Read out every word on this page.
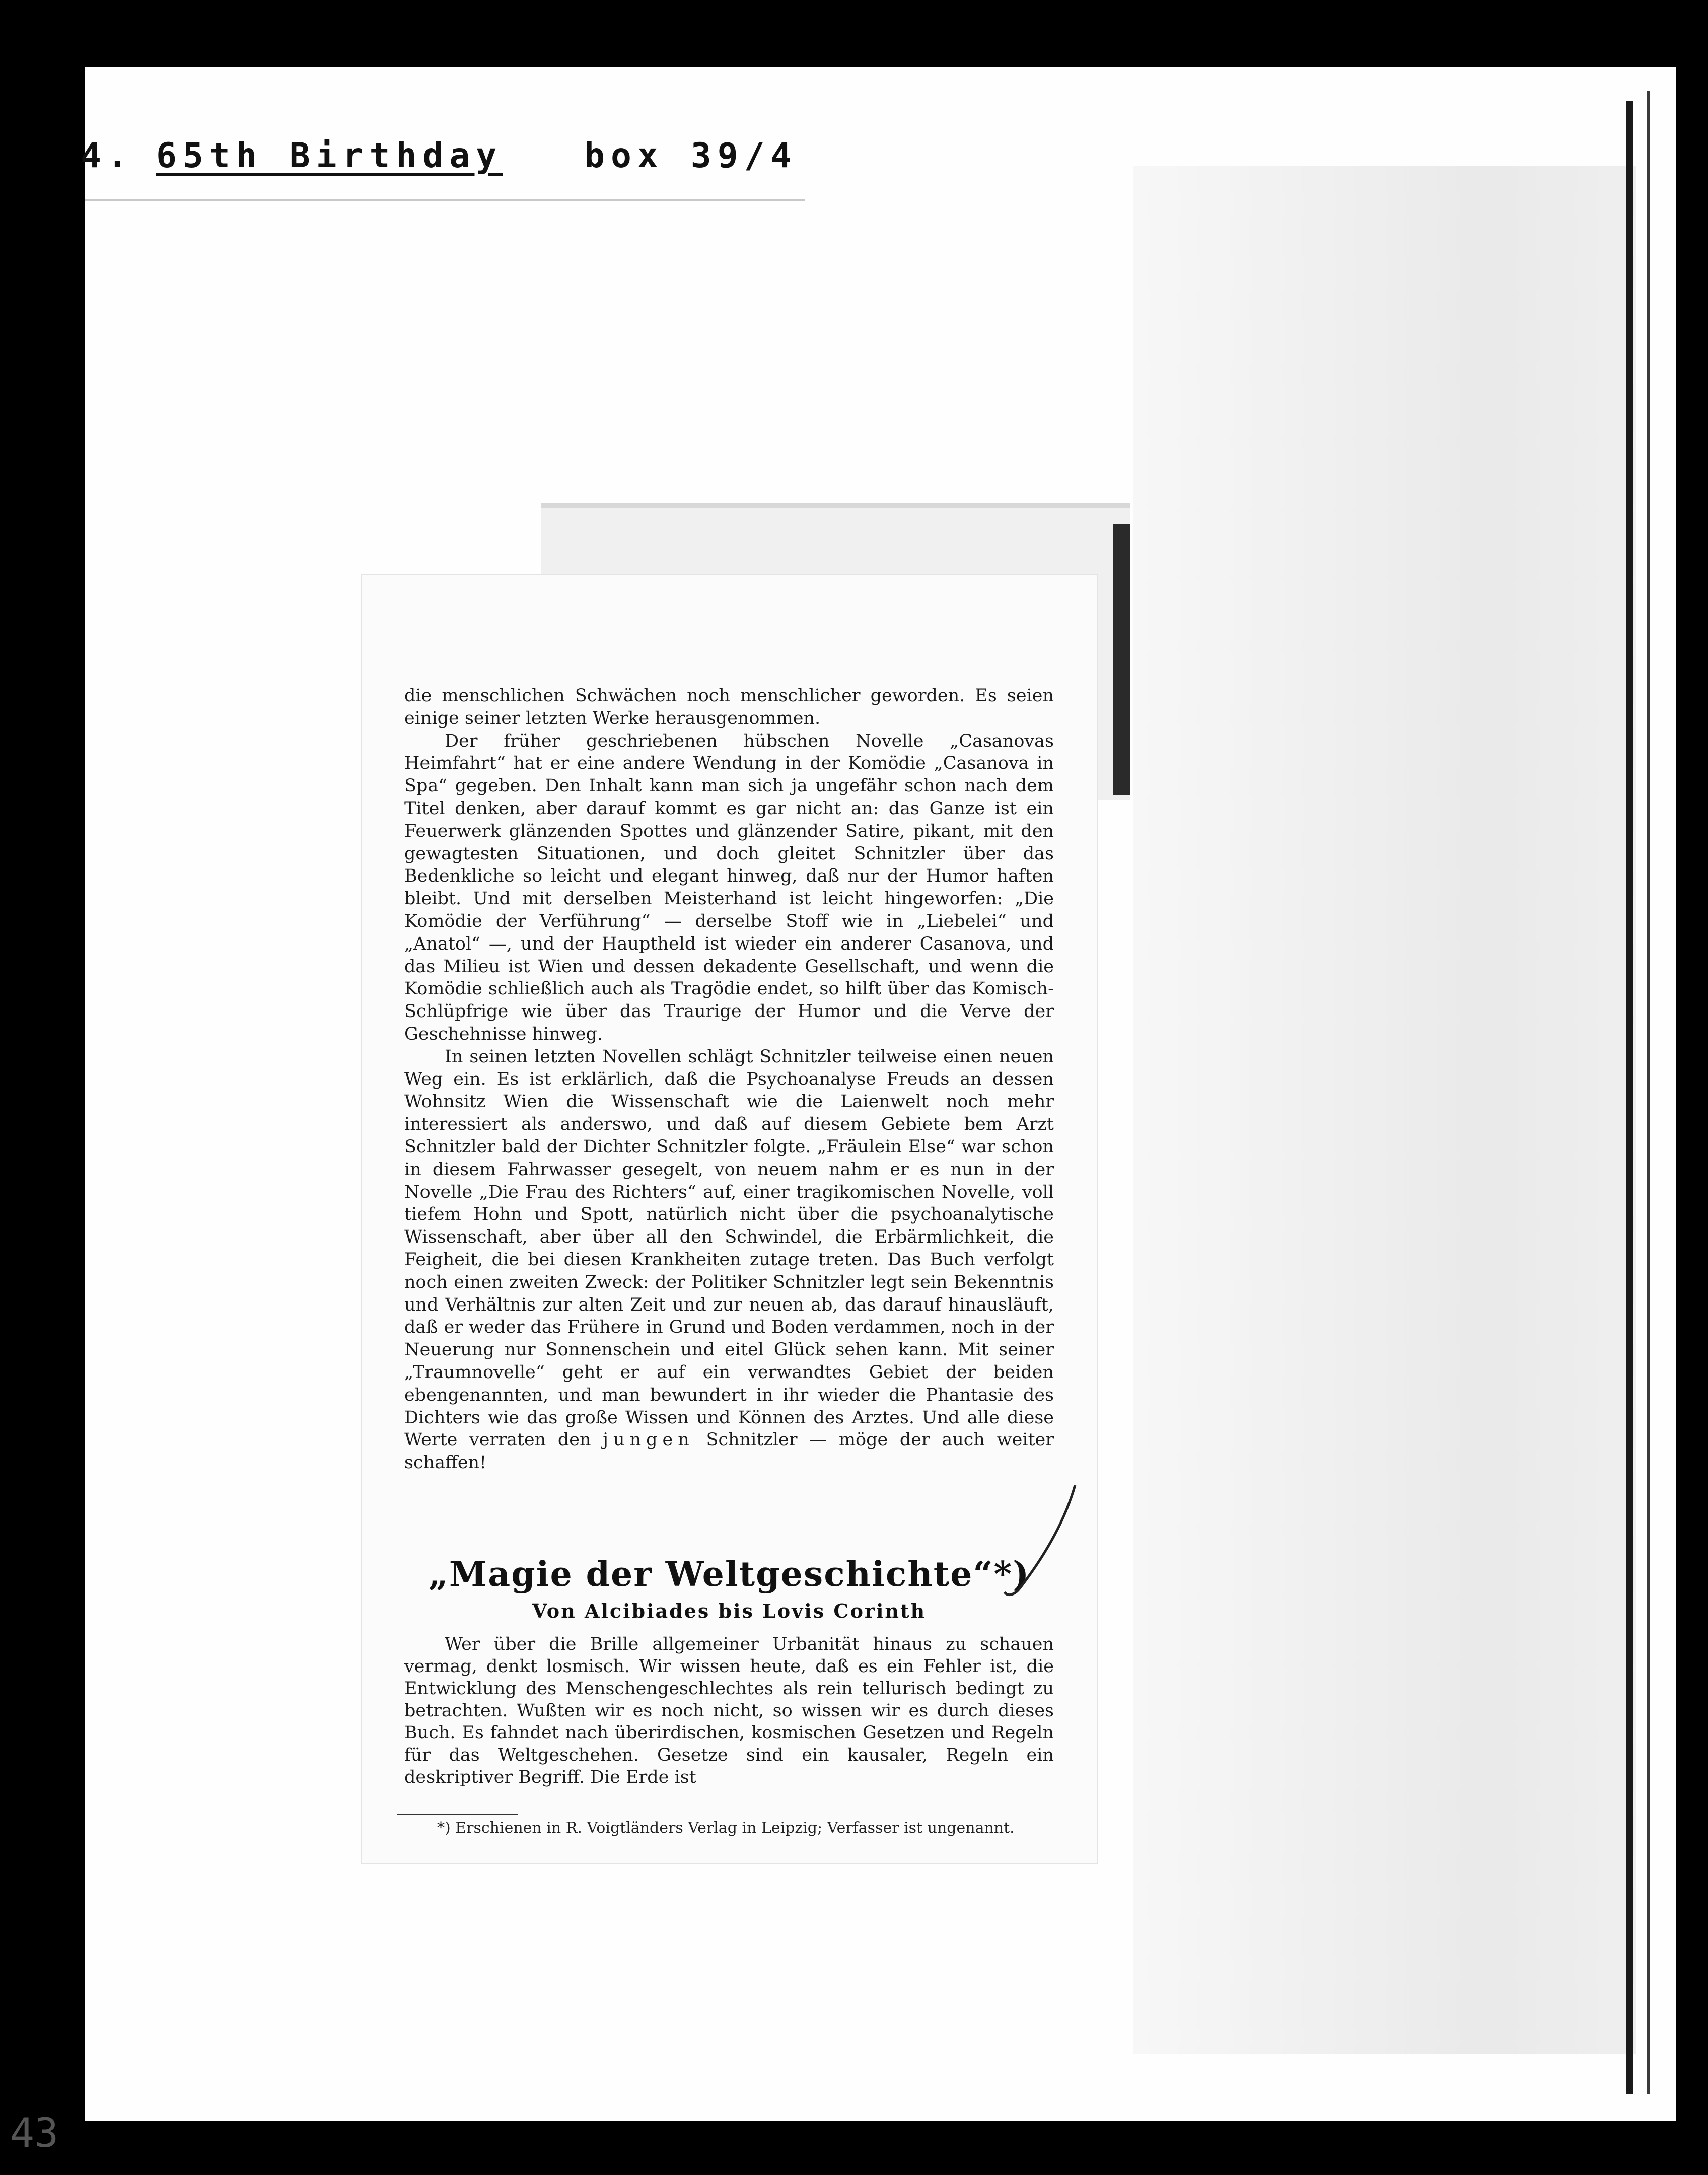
43
4. 65th Birthday box 39/4

die menschlichen Schwächen noch menschlicher geworden. Es seien einige seiner letzten Werke herausgenommen.

Der früher geschriebenen hübschen Novelle „Casanovas Heimfahrt“ hat er eine andere Wendung in der Komödie „Casanova in Spa“ gegeben. Den Inhalt kann man sich ja ungefähr schon nach dem Titel denken, aber darauf kommt es gar nicht an: das Ganze ist ein Feuerwerk glänzenden Spottes und glänzender Satire, pikant, mit den gewagtesten Situationen, und doch gleitet Schnitzler über das Bedenkliche so leicht und elegant hinweg, daß nur der Humor haften bleibt. Und mit derselben Meisterhand ist leicht hingeworfen: „Die Komödie der Verführung“ — derselbe Stoff wie in „Liebelei“ und „Anatol“ —, und der Hauptheld ist wieder ein anderer Casanova, und das Milieu ist Wien und dessen dekadente Gesellschaft, und wenn die Komödie schließlich auch als Tragödie endet, so hilft über das Komisch-Schlüpfrige wie über das Traurige der Humor und die Verve der Geschehnisse hinweg.

In seinen letzten Novellen schlägt Schnitzler teilweise einen neuen Weg ein. Es ist erklärlich, daß die Psychoanalyse Freuds an dessen Wohnsitz Wien die Wissenschaft wie die Laienwelt noch mehr interessiert als anderswo, und daß auf diesem Gebiete bem Arzt Schnitzler bald der Dichter Schnitzler folgte. „Fräulein Else“ war schon in diesem Fahrwasser gesegelt, von neuem nahm er es nun in der Novelle „Die Frau des Richters“ auf, einer tragikomischen Novelle, voll tiefem Hohn und Spott, natürlich nicht über die psychoanalytische Wissenschaft, aber über all den Schwindel, die Erbärmlichkeit, die Feigheit, die bei diesen Krankheiten zutage treten. Das Buch verfolgt noch einen zweiten Zweck: der Politiker Schnitzler legt sein Bekenntnis und Verhältnis zur alten Zeit und zur neuen ab, das darauf hinausläuft, daß er weder das Frühere in Grund und Boden verdammen, noch in der Neuerung nur Sonnenschein und eitel Glück sehen kann. Mit seiner „Traumnovelle“ geht er auf ein verwandtes Gebiet der beiden ebengenannten, und man bewundert in ihr wieder die Phantasie des Dichters wie das große Wissen und Können des Arztes. Und alle diese Werte verraten den jungen Schnitzler — möge der auch weiter schaffen!

„Magie der Weltgeschichte“*)
Von Alcibiades bis Lovis Corinth

Wer über die Brille allgemeiner Urbanität hinaus zu schauen vermag, denkt losmisch. Wir wissen heute, daß es ein Fehler ist, die Entwicklung des Menschengeschlechtes als rein tellurisch bedingt zu betrachten. Wußten wir es noch nicht, so wissen wir es durch dieses Buch. Es fahndet nach überirdischen, kosmischen Gesetzen und Regeln für das Weltgeschehen. Gesetze sind ein kausaler, Regeln ein deskriptiver Begriff. Die Erde ist

*) Erschienen in R. Voigtländers Verlag in Leipzig; Verfasser ist ungenannt.
